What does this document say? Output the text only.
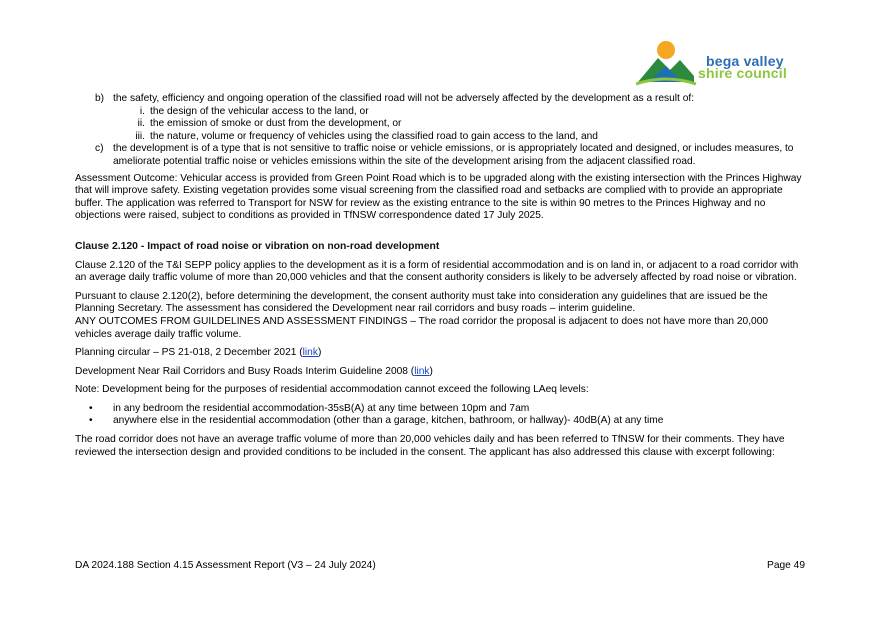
bega valley
shire council
b) the safety, efficiency and ongoing operation of the classified road will not be adversely affected by the development as a result of:
i. the design of the vehicular access to the land, or
ii. the emission of smoke or dust from the development, or
iii. the nature, volume or frequency of vehicles using the classified road to gain access to the land, and
c) the development is of a type that is not sensitive to traffic noise or vehicle emissions, or is appropriately located and designed, or includes measures, to ameliorate potential traffic noise or vehicles emissions within the site of the development arising from the adjacent classified road.

Assessment Outcome: Vehicular access is provided from Green Point Road which is to be upgraded along with the existing intersection with the Princes Highway that will improve safety. Existing vegetation provides some visual screening from the classified road and setbacks are complied with to provide an appropriate buffer. The application was referred to Transport for NSW for review as the existing entrance to the site is within 90 metres to the Princes Highway and no objections were raised, subject to conditions as provided in TfNSW correspondence dated 17 July 2025.

Clause 2.120 - Impact of road noise or vibration on non-road development

Clause 2.120 of the T&I SEPP policy applies to the development as it is a form of residential accommodation and is on land in, or adjacent to a road corridor with an average daily traffic volume of more than 20,000 vehicles and that the consent authority considers is likely to be adversely affected by road noise or vibration.

Pursuant to clause 2.120(2), before determining the development, the consent authority must take into consideration any guidelines that are issued be the Planning Secretary. The assessment has considered the Development near rail corridors and busy roads – interim guideline.

ANY OUTCOMES FROM GUILDELINES AND ASSESSMENT FINDINGS – The road corridor the proposal is adjacent to does not have more than 20,000 vehicles average daily traffic volume.

Planning circular – PS 21-018, 2 December 2021 (link)

Development Near Rail Corridors and Busy Roads Interim Guideline 2008 (link)

Note: Development being for the purposes of residential accommodation cannot exceed the following LAeq levels:

• in any bedroom the residential accommodation-35sB(A) at any time between 10pm and 7am
• anywhere else in the residential accommodation (other than a garage, kitchen, bathroom, or hallway)- 40dB(A) at any time

The road corridor does not have an average traffic volume of more than 20,000 vehicles daily and has been referred to TfNSW for their comments. They have reviewed the intersection design and provided conditions to be included in the consent. The applicant has also addressed this clause with excerpt following:

DA 2024.188 Section 4.15 Assessment Report (V3 – 24 July 2024)	Page 49
